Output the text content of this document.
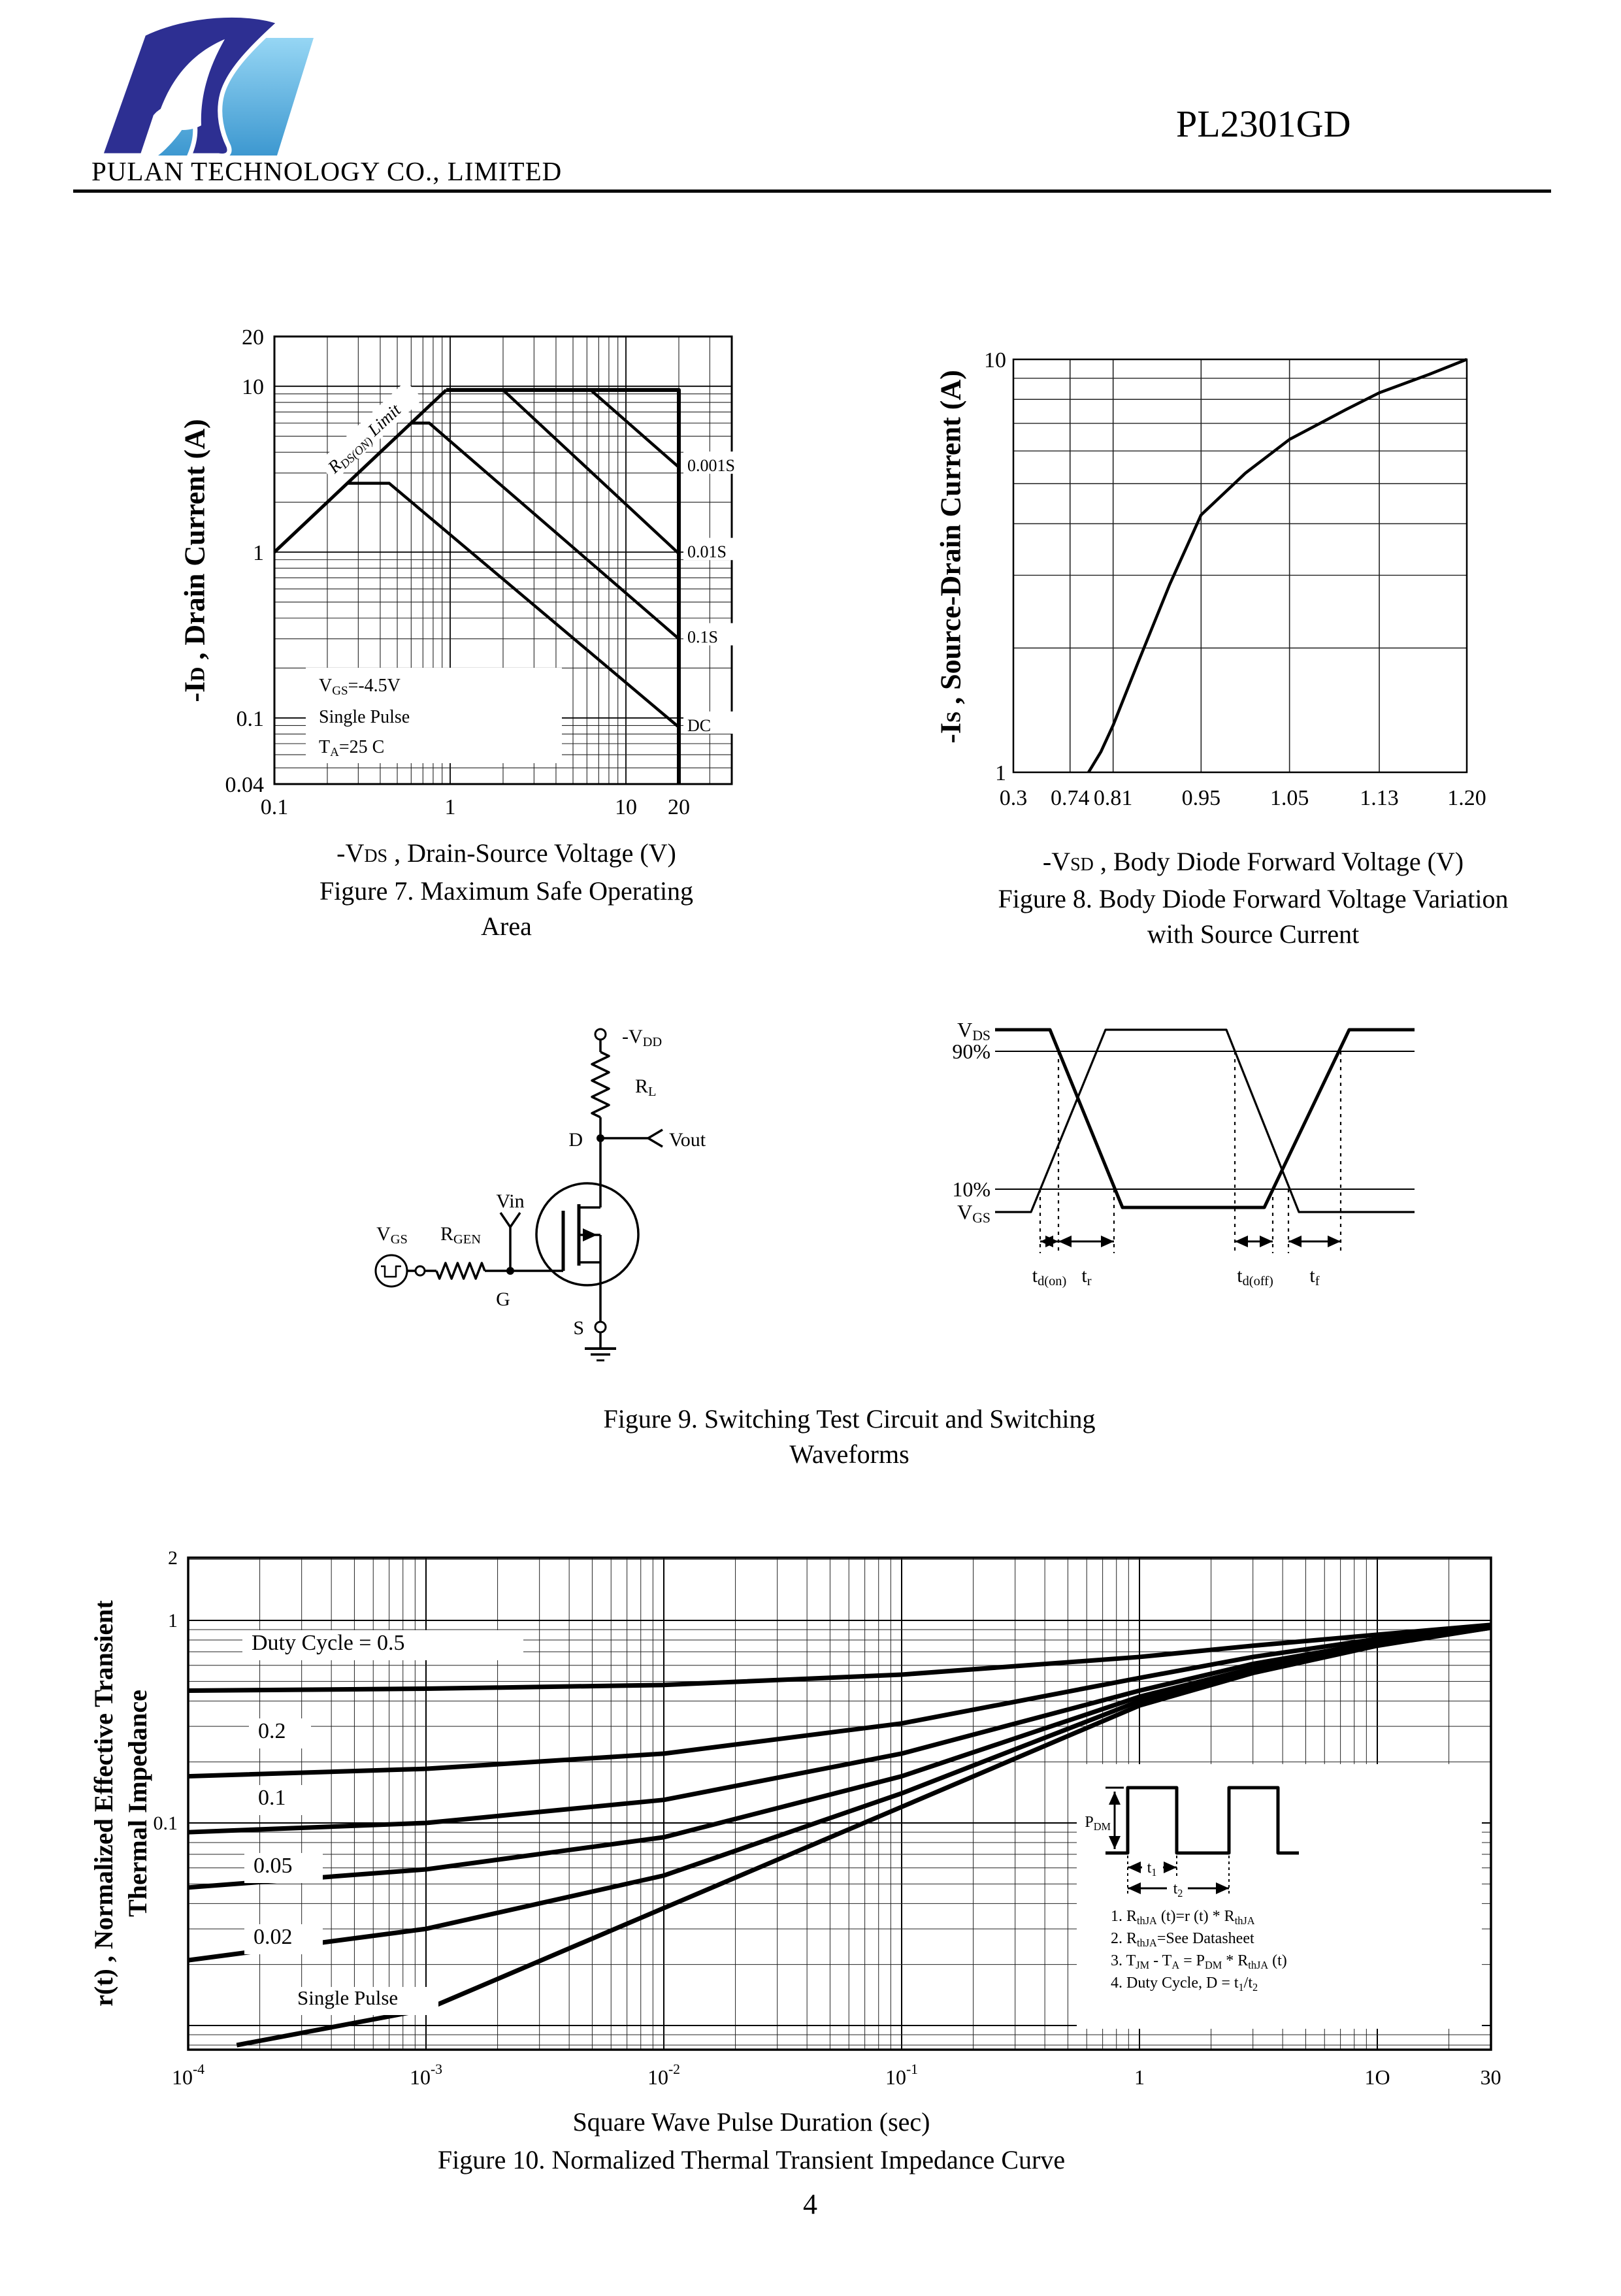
PULAN TECHNOLOGY CO., LIMITED
PL2301GD
RDS(ON) Limit
VGS=-4.5V
Single Pulse
TA=25 C
0.001S
0.01S
0.1S
DC
20
10
1
0.1
0.04
0.1	1	10 20
-ID , Drain Current (A)
-VDS , Drain-Source Voltage (V)
Figure 7. Maximum Safe Operating
Area
10
1
0.3 0.74 0.81 0.95 1.05 1.13 1.20
-IS , Source-Drain Current (A)
-VSD , Body Diode Forward Voltage (V)
Figure 8. Body Diode Forward Voltage Variation
with Source Current
-VDD
RL
D	Vout
G
Vin
VGS RGEN
S
VDS
90%
10%
VGS
td(on) tr	td(off) tf
Figure 9. Switching Test Circuit and Switching
Waveforms
Duty Cycle = 0.5
0.2
0.1
0.05
0.02
Single Pulse
2
1
0.1
$10^{-4}$	$10^{-3}$	$10^{-2}$	$10^{-1}$	1	1O	30
$P_{DM}$
$t_1$
$t_2$
1. $R_{thJA}$ (t)=r $(t) * R_{thJA}$
2. $R_{thJA}=See$ Datasheet
3. $T_{JM} - T_A = P_{DM} * R_{thJA}$ (t)
4. Duty Cycle, $D = t_1/t_2$
r(t) , Normalized Effective Transient Thermal Impedance
Square Wave Pulse Duration (sec)
Figure 10. Normalized Thermal Transient Impedance Curve
4
